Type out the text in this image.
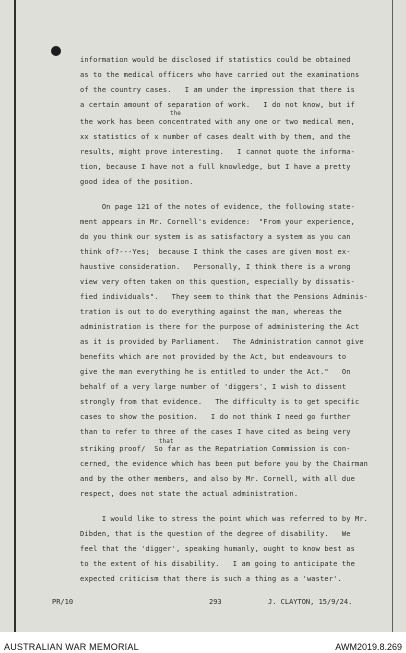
information would be disclosed if statistics could be obtained

as to the medical officers who have carried out the examinations

of the country cases.   I am under the impression that there is

a certain amount of separation of work.   I do not know, but if

the work has been concentrated with any one or two medical men,

xx statistics of x number of cases dealt with by them, and the

results, might prove interesting.   I cannot quote the informa-

tion, because I have not a full knowledge, but I have a pretty

good idea of the position.

On page 121 of the notes of evidence, the following state-

ment appears in Mr. Cornell's evidence:  "From your experience,

do you think our system is as satisfactory a system as you can

think of?---Yes;  because I think the cases are given most ex-

haustive consideration.   Personally, I think there is a wrong

view very often taken on this question, especially by dissatis-

fied individuals".   They seem to think that the Pensions Adminis-

tration is out to do everything against the man, whereas the

administration is there for the purpose of administering the Act

as it is provided by Parliament.   The Administration cannot give

benefits which are not provided by the Act, but endeavours to

give the man everything he is entitled to under the Act."   On

behalf of a very large number of 'diggers', I wish to dissent

strongly from that evidence.   The difficulty is to get specific

cases to show the position.   I do not think I need go further

than to refer to three of the cases I have cited as being very

striking proof/  So far as the Repatriation Commission is con-

cerned, the evidence which has been put before you by the Chairman

and by the other members, and also by Mr. Cornell, with all due

respect, does not state the actual administration.

I would like to stress the point which was referred to by Mr.

Dibden, that is the question of the degree of disability.   We

feel that the 'digger', speaking humanly, ought to know best as

to the extent of his disability.   I am going to anticipate the

expected criticism that there is such a thing as a 'waster'.

the
that
PR/10	293	J. CLAYTON, 15/9/24.
AUSTRALIAN WAR MEMORIAL	AWM2019.8.269
